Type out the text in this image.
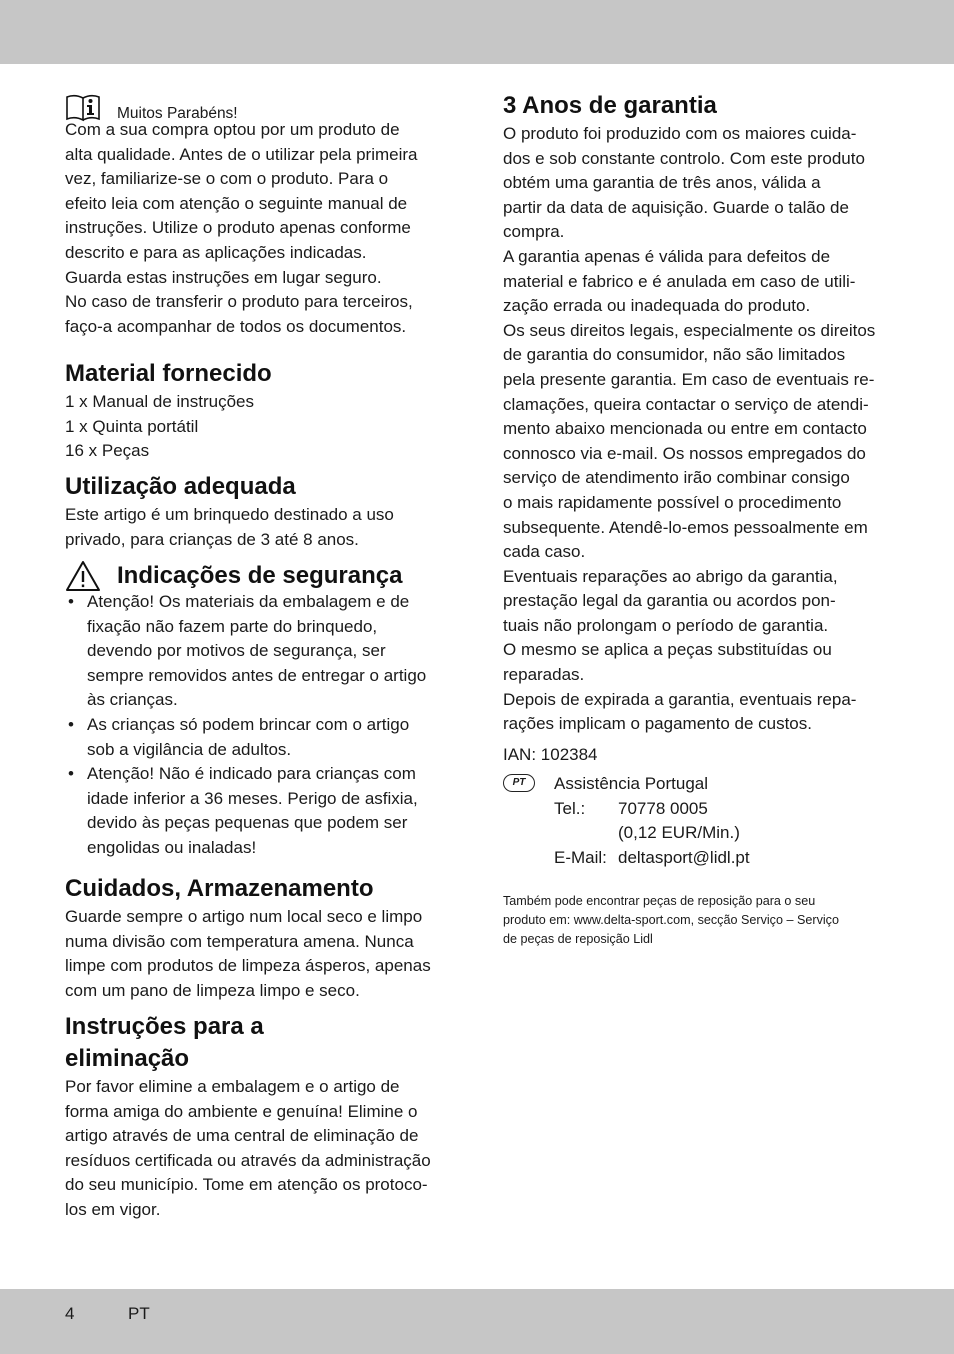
Muitos Parabéns!

Com a sua compra optou por um produto de
alta qualidade. Antes de o utilizar pela primeira
vez, familiarize-se o com o produto. Para o
efeito leia com atenção o seguinte manual de
instruções. Utilize o produto apenas conforme
descrito e para as aplicações indicadas.
Guarda estas instruções em lugar seguro.
No caso de transferir o produto para terceiros,
faço-a acompanhar de todos os documentos.

Material fornecido
1 x Manual de instruções
1 x Quinta portátil
16 x Peças
Utilização adequada

Este artigo é um brinquedo destinado a uso
privado, para crianças de 3 até 8 anos.

Indicações de segurança
• Atenção! Os materiais da embalagem e de
fixação não fazem parte do brinquedo,
devendo por motivos de segurança, ser
sempre removidos antes de entregar o artigo
às crianças.
• As crianças só podem brincar com o artigo
sob a vigilância de adultos.
• Atenção! Não é indicado para crianças com
idade inferior a 36 meses. Perigo de asfixia,
devido às peças pequenas que podem ser
engolidas ou inaladas!
Cuidados, Armazenamento

Guarde sempre o artigo num local seco e limpo
numa divisão com temperatura amena. Nunca
limpe com produtos de limpeza ásperos, apenas
com um pano de limpeza limpo e seco.

Instruções para a
eliminação

Por favor elimine a embalagem e o artigo de
forma amiga do ambiente e genuína! Elimine o
artigo através de uma central de eliminação de
resíduos certificada ou através da administração
do seu município. Tome em atenção os protoco-
los em vigor.

3 Anos de garantia

O produto foi produzido com os maiores cuida-
dos e sob constante controlo. Com este produto
obtém uma garantia de três anos, válida a
partir da data de aquisição. Guarde o talão de
compra.

A garantia apenas é válida para defeitos de
material e fabrico e é anulada em caso de utili-
zação errada ou inadequada do produto.

Os seus direitos legais, especialmente os direitos
de garantia do consumidor, não são limitados
pela presente garantia. Em caso de eventuais re-
clamações, queira contactar o serviço de atendi-
mento abaixo mencionada ou entre em contacto
connosco via e-mail. Os nossos empregados do
serviço de atendimento irão combinar consigo
o mais rapidamente possível o procedimento
subsequente. Atendê-lo-emos pessoalmente em
cada caso.

Eventuais reparações ao abrigo da garantia,
prestação legal da garantia ou acordos pon-
tuais não prolongam o período de garantia.

O mesmo se aplica a peças substituídas ou
reparadas.

Depois de expirada a garantia, eventuais repa-
rações implicam o pagamento de custos.

IAN: 102384

PT	Assistência Portugal
Tel.:	70778 0005
(0,12 EUR/Min.)
E-Mail: deltasport@lidl.pt

Também pode encontrar peças de reposição para o seu
produto em: www.delta-sport.com, secção Serviço – Serviço
de peças de reposição Lidl

4	PT
